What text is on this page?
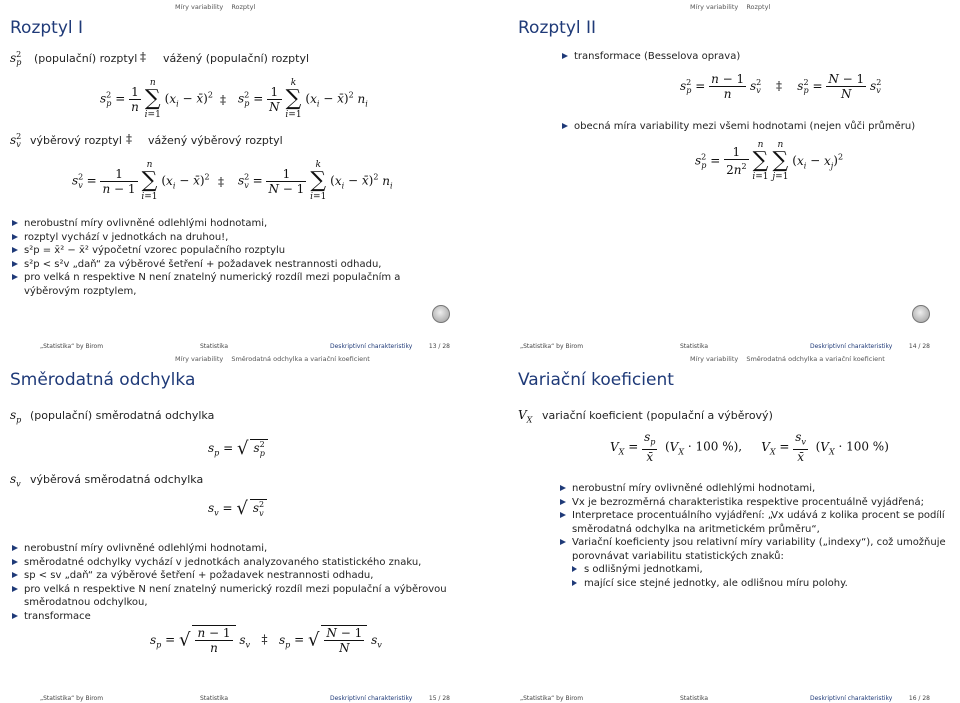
Míry variability Rozptyl
Rozptyl I
$s^2_p$ (populační) rozptyl ‡ vážený (populační) rozptyl
$s^2_p = \frac{1}{n}$
n
∑
i=1 ($x_i$ − x̄)$^2$ ‡ $s^2_p = \frac{1}{N}$
k
∑
i=1 ($x_i$ − x̄)$^2$ $n_i$
$s^2_v$ výběrový rozptyl ‡ vážený výběrový rozptyl
$s^2_v = \frac{1}{n - 1}$
n
∑
i=1 ($x_i$ − x̄)$^2$ ‡ $s^2_v = \frac{1}{N - 1}$
k
∑
i=1 ($x_i$ − x̄)$^2$ $n_i$
nerobustní míry ovlivněné odlehlými hodnotami,
rozptyl vychází v jednotkách na druhou!,
s²p = x̄² − x̄² výpočetní vzorec populačního rozptylu
s²p < s²v „daň“ za výběrové šetření + požadavek nestrannosti odhadu,
pro velká n respektive N není znatelný numerický rozdíl mezi populačním a výběrovým rozptylem,
„Statistika“ by Birom	Statistika	Deskriptivní charakteristiky	13 / 28
Míry variability Rozptyl
Rozptyl II
transformace (Besselova oprava)
$s^2_p = \frac{n - 1}{n} s^2_v$    ‡    $s^2_p = \frac{N - 1}{N} s^2_v$
obecná míra variability mezi všemi hodnotami (nejen vůči průměru)
$s^2_p = \frac{1}{2n^2}$ n
∑
i=1 n
∑
j=1 $(x_i - x_j)^2$
„Statistika“ by Birom	Statistika	Deskriptivní charakteristiky	14 / 28
Míry variability Směrodatná odchylka a variační koeficient
Směrodatná odchylka
$s_p$ (populační) směrodatná odchylka
$s_p$ = √ $s^2_p$
$s_v$ výběrová směrodatná odchylka
$s_v$ = √ $s^2_v$
nerobustní míry ovlivněné odlehlými hodnotami,
směrodatné odchylky vychází v jednotkách analyzovaného statistického znaku,
sp < sv „daň“ za výběrové šetření + požadavek nestrannosti odhadu,
pro velká n respektive N není znatelný numerický rozdíl mezi populační a výběrovou směrodatnou odchylkou,
transformace
$s_p$ = √ $\frac{n - 1}{n} s_v$   ‡   $s_p$ = √ $\frac{N - 1}{N} s_v$
„Statistika“ by Birom	Statistika	Deskriptivní charakteristiky	15 / 28
Míry variability Směrodatná odchylka a variační koeficient
Variační koeficient
$V_X$ variační koeficient (populační a výběrový)
$V_X = \frac{s_p}{x̄} (V_X \cdot 100$ %),     $V_X = \frac{s_v}{x̄} (V_X \cdot 100$ %)
nerobustní míry ovlivněné odlehlými hodnotami,
Vx je bezrozměrná charakteristika respektive procentuálně vyjádřená;
Interpretace procentuálního vyjádření: „Vx udává z kolika procent se podílí směrodatná odchylka na aritmetickém průměru“,
Variační koeficienty jsou relativní míry variability („indexy“), což umožňuje porovnávat variabilitu statistických znaků:
s odlišnými jednotkami,
mající sice stejné jednotky, ale odlišnou míru polohy.
„Statistika“ by Birom	Statistika	Deskriptivní charakteristiky	16 / 28
